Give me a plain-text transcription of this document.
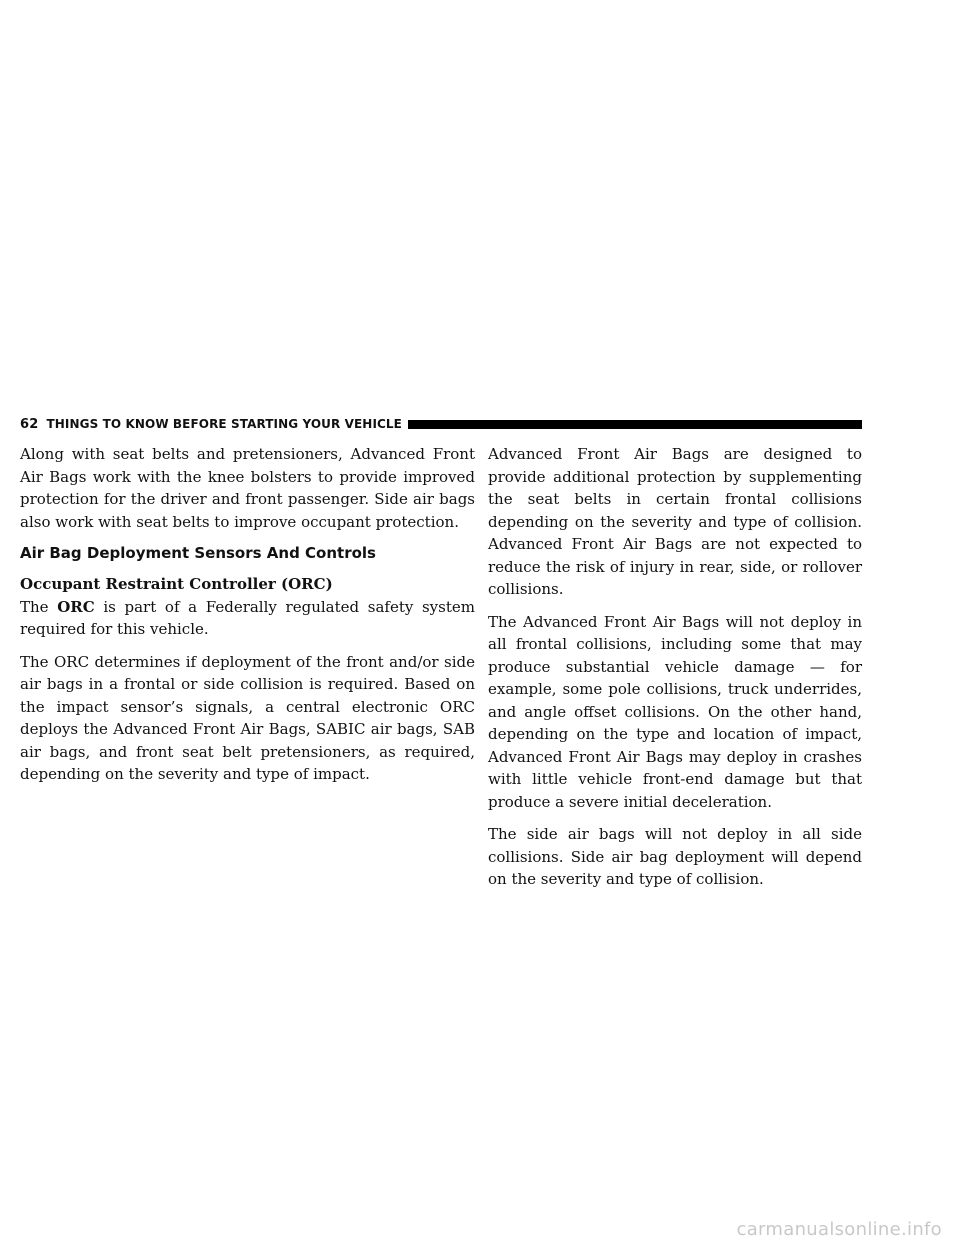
62 THINGS TO KNOW BEFORE STARTING YOUR VEHICLE

Along with seat belts and pretensioners, Advanced Front Air Bags work with the knee bolsters to provide improved protection for the driver and front passenger. Side air bags also work with seat belts to improve occupant protection.

Air Bag Deployment Sensors And Controls
Occupant Restraint Controller (ORC)

The ORC is part of a Federally regulated safety system required for this vehicle.

The ORC determines if deployment of the front and/or side air bags in a frontal or side collision is required. Based on the impact sensor’s signals, a central electronic ORC deploys the Advanced Front Air Bags, SABIC air bags, SAB air bags, and front seat belt pretensioners, as required, depending on the severity and type of impact.

Advanced Front Air Bags are designed to provide additional protection by supplementing the seat belts in certain frontal collisions depending on the severity and type of collision. Advanced Front Air Bags are not expected to reduce the risk of injury in rear, side, or rollover collisions.

The Advanced Front Air Bags will not deploy in all frontal collisions, including some that may produce substantial vehicle damage — for example, some pole collisions, truck underrides, and angle offset collisions. On the other hand, depending on the type and location of impact, Advanced Front Air Bags may deploy in crashes with little vehicle front-end damage but that produce a severe initial deceleration.

The side air bags will not deploy in all side collisions. Side air bag deployment will depend on the severity and type of collision.

carmanualsonline.info
